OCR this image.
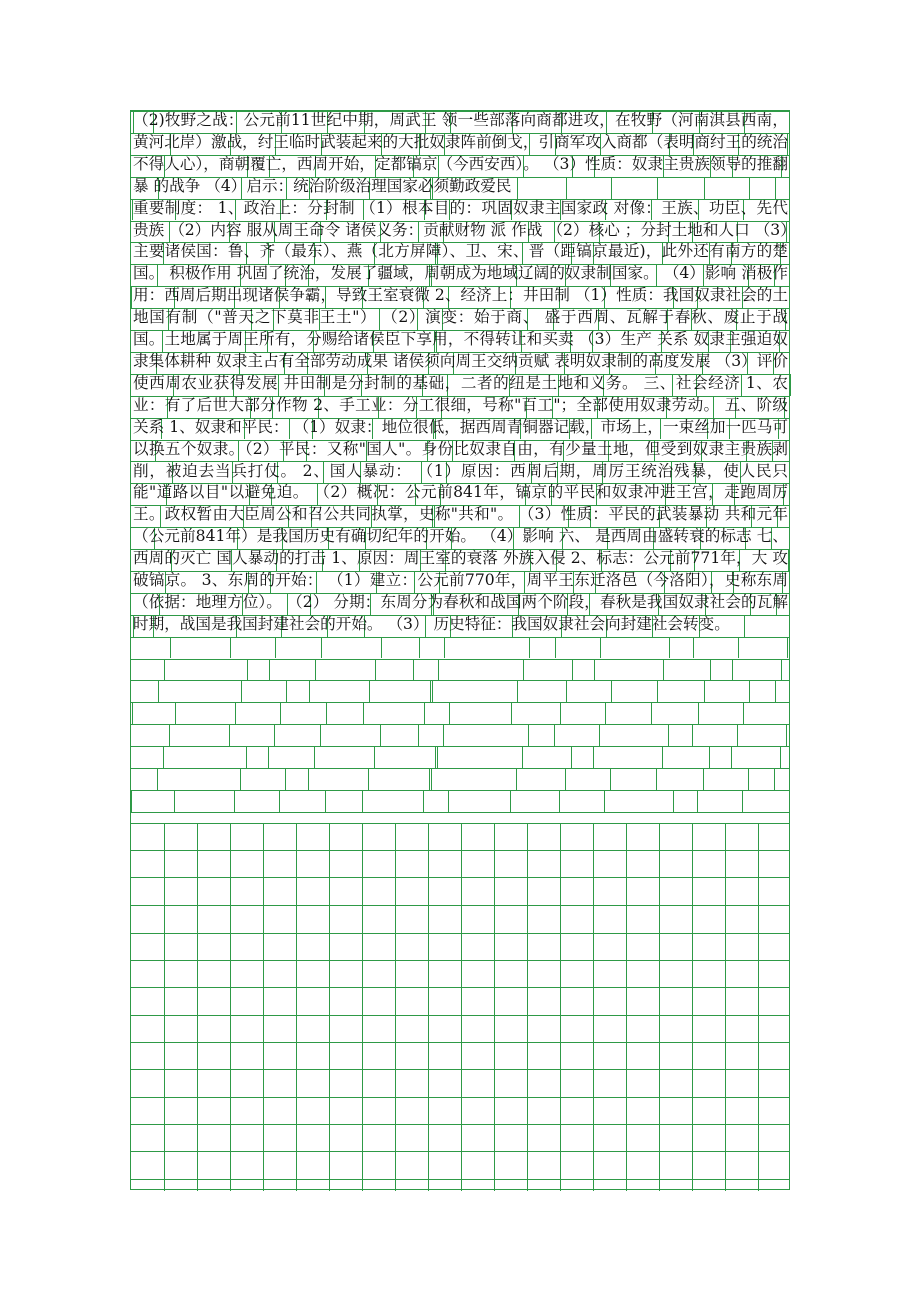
（2)牧野之战：公元前11世纪中期，周武王 领一些部落向商都进攻，在牧野（河南淇县西南，黄河北岸）激战，纣王临时武装起来的大批奴隶阵前倒戈，引商军攻入商都（表明商纣王的统治不得人心），商朝覆亡，西周开始，定都镐京（今西安西）。 （3）性质：奴隶主贵族领导的推翻暴 的战争 （4）启示：统治阶级治理国家必须勤政爱民

重要制度： 1、政治上：分封制 （1）根本目的：巩固奴隶主国家政 对像：王族、功臣、先代贵族 （2）内容 服从周王命令 诸侯义务：贡献财物 派 作战 （2）核心 ；分封土地和人口 （3）主要诸侯国：鲁、齐（最东）、燕（北方屏障）、卫、宋、晋（距镐京最近)，此外还有南方的楚国。 积极作用 巩固了统治，发展了疆域，周朝成为地域辽阔的奴隶制国家。 （4）影响 消极作用：西周后期出现诸侯争霸，导致王室衰微 2、经济上：井田制 （1）性质：我国奴隶社会的土地国有制（"普天之下莫非王土"） （2）演变：始于商、 盛于西周、瓦解于春秋、废止于战国。土地属于周王所有，分赐给诸侯臣下享用，不得转让和买卖 （3）生产 关系 奴隶主强迫奴隶集体耕种 奴隶主占有全部劳动成果 诸侯须向周王交纳贡赋 表明奴隶制的高度发展 （3）评价 使西周农业获得发展 井田制是分封制的基础，二者的纽是土地和义务。 三、社会经济 1、农业：有了后世大部分作物 2、手工业：分工很细，号称"百工"；全部使用奴隶劳动。 五、阶级关系 1、奴隶和平民： （1）奴隶：地位很低，据西周青铜器记载，市场上，一束丝加一匹马可以换五个奴隶。（2）平民：又称"国人"。身份比奴隶自由，有少量土地，但受到奴隶主贵族剥削，被迫去当兵打仗。 2、国人暴动： （1）原因：西周后期，周厉王统治残暴，使人民只能"道路以目"以避免迫。 （2）概况：公元前841年，镐京的平民和奴隶冲进王宫，走跑周厉王。政权暂由大臣周公和召公共同执掌，史称"共和"。 （3）性质：平民的武装暴动 共和元年（公元前841年）是我国历史有确切纪年的开始。 （4）影响 六、 是西周由盛转衰的标志 七、西周的灭亡 国人暴动的打击 1、原因：周王室的衰落 外族入侵 2、标志：公元前771年，大 攻破镐京。 3、东周的开始： （1）建立：公元前770年，周平王东迁洛邑（今洛阳），史称东周（依据：地理方位）。 （2） 分期：东周分为春秋和战国两个阶段，春秋是我国奴隶社会的瓦解时期，战国是我国封建社会的开始。 （3） 历史特征：我国奴隶社会向封建社会转变。
